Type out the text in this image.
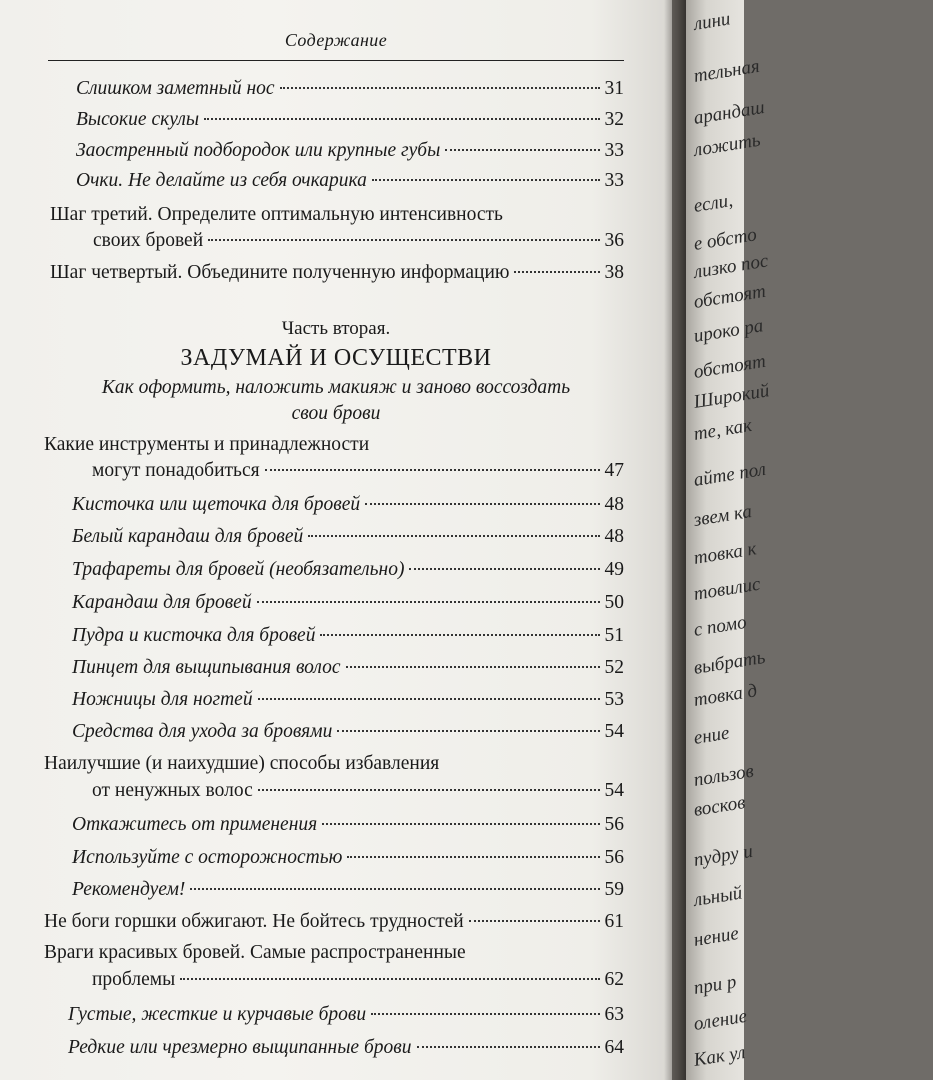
Содержание
Слишком заметный нос	31
Высокие скулы	32
Заостренный подбородок или крупные губы	33
Очки. Не делайте из себя очкарика	33
Шаг третий. Определите оптимальную интенсивность
своих бровей	36
Шаг четвертый. Объедините полученную информацию	38
Часть вторая.
ЗАДУМАЙ И ОСУЩЕСТВИ
Как оформить, наложить макияж и заново воссоздать
свои брови
Какие инструменты и принадлежности
могут понадобиться	47
Кисточка или щеточка для бровей	48
Белый карандаш для бровей	48
Трафареты для бровей (необязательно)	49
Карандаш для бровей	50
Пудра и кисточка для бровей	51
Пинцет для выщипывания волос	52
Ножницы для ногтей	53
Средства для ухода за бровями	54
Наилучшие (и наихудшие) способы избавления
от ненужных волос	54
Откажитесь от применения	56
Используйте с осторожностью	56
Рекомендуем!	59
Не боги горшки обжигают. Не бойтесь трудностей	61
Враги красивых бровей. Самые распространенные
проблемы	62
Густые, жесткие и курчавые брови	63
Редкие или чрезмерно выщипанные брови	64
лини
тельная
арандаш
ложить
если,
е обсто
лизко пос
обстоят
ироко ра
обстоят
Широкий
те, как
айте пол
звем ка
товка к
товилис
с помо
выбрать
товка д
ение
пользов
восков
пудру и
льный
нение
при р
оление
Как ул
